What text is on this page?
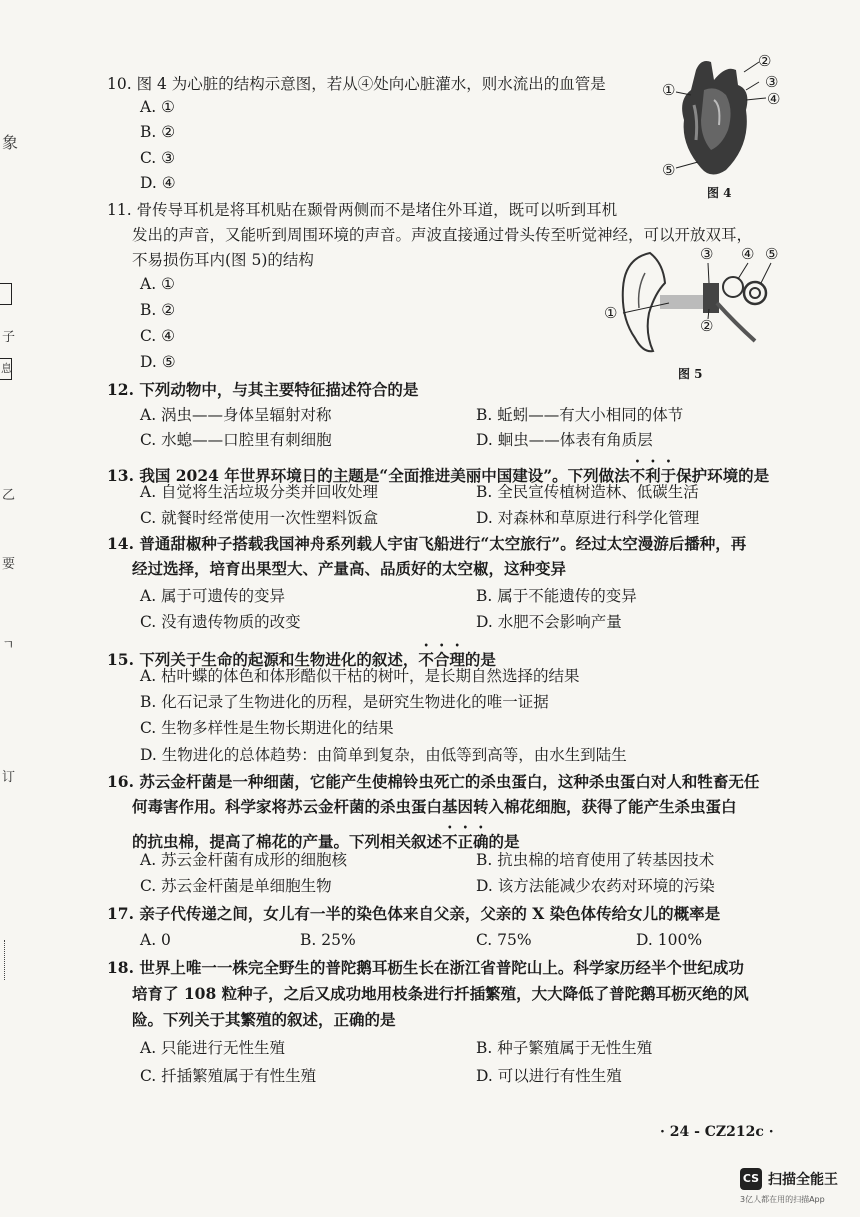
象
子
息
乙
要
ㄱ
订
10. 图 4 为心脏的结构示意图，若从④处向心脏灌水，则水流出的血管是
A. ①
B. ②
C. ③
D. ④
①
②
③
④
⑤
图 4
11. 骨传导耳机是将耳机贴在颞骨两侧而不是堵住外耳道，既可以听到耳机
发出的声音，又能听到周围环境的声音。声波直接通过骨头传至听觉神经，可以开放双耳，
不易损伤耳内(图 5)的结构
A. ①
B. ②
C. ④
D. ⑤
①
②
③ ④ ⑤
图 5
12. 下列动物中，与其主要特征描述符合的是
A. 涡虫——身体呈辐射对称	B. 蚯蚓——有大小相同的体节
C. 水螅——口腔里有刺细胞	D. 蛔虫——体表有角质层
13. 我国 2024 年世界环境日的主题是“全面推进美丽中国建设”。下列做法不利于保护环境的是
A. 自觉将生活垃圾分类并回收处理	B. 全民宣传植树造林、低碳生活
C. 就餐时经常使用一次性塑料饭盒	D. 对森林和草原进行科学化管理
14. 普通甜椒种子搭载我国神舟系列载人宇宙飞船进行“太空旅行”。经过太空漫游后播种，再
经过选择，培育出果型大、产量高、品质好的太空椒，这种变异
A. 属于可遗传的变异	B. 属于不能遗传的变异
C. 没有遗传物质的改变	D. 水肥不会影响产量
15. 下列关于生命的起源和生物进化的叙述，不合理的是
A. 枯叶蝶的体色和体形酷似干枯的树叶，是长期自然选择的结果
B. 化石记录了生物进化的历程，是研究生物进化的唯一证据
C. 生物多样性是生物长期进化的结果
D. 生物进化的总体趋势：由简单到复杂，由低等到高等，由水生到陆生
16. 苏云金杆菌是一种细菌，它能产生使棉铃虫死亡的杀虫蛋白，这种杀虫蛋白对人和牲畜无任
何毒害作用。科学家将苏云金杆菌的杀虫蛋白基因转入棉花细胞，获得了能产生杀虫蛋白
的抗虫棉，提高了棉花的产量。下列相关叙述不正确的是
A. 苏云金杆菌有成形的细胞核	B. 抗虫棉的培育使用了转基因技术
C. 苏云金杆菌是单细胞生物	D. 该方法能减少农药对环境的污染
17. 亲子代传递之间，女儿有一半的染色体来自父亲，父亲的 X 染色体传给女儿的概率是
A. 0	B. 25%	C. 75%	D. 100%
18. 世界上唯一一株完全野生的普陀鹅耳枥生长在浙江省普陀山上。科学家历经半个世纪成功
培育了 108 粒种子，之后又成功地用枝条进行扦插繁殖，大大降低了普陀鹅耳枥灭绝的风
险。下列关于其繁殖的叙述，正确的是
A. 只能进行无性生殖	B. 种子繁殖属于无性生殖
C. 扦插繁殖属于有性生殖	D. 可以进行有性生殖
· 24 - CZ212c ·
CS 扫描全能王
3亿人都在用的扫描App
